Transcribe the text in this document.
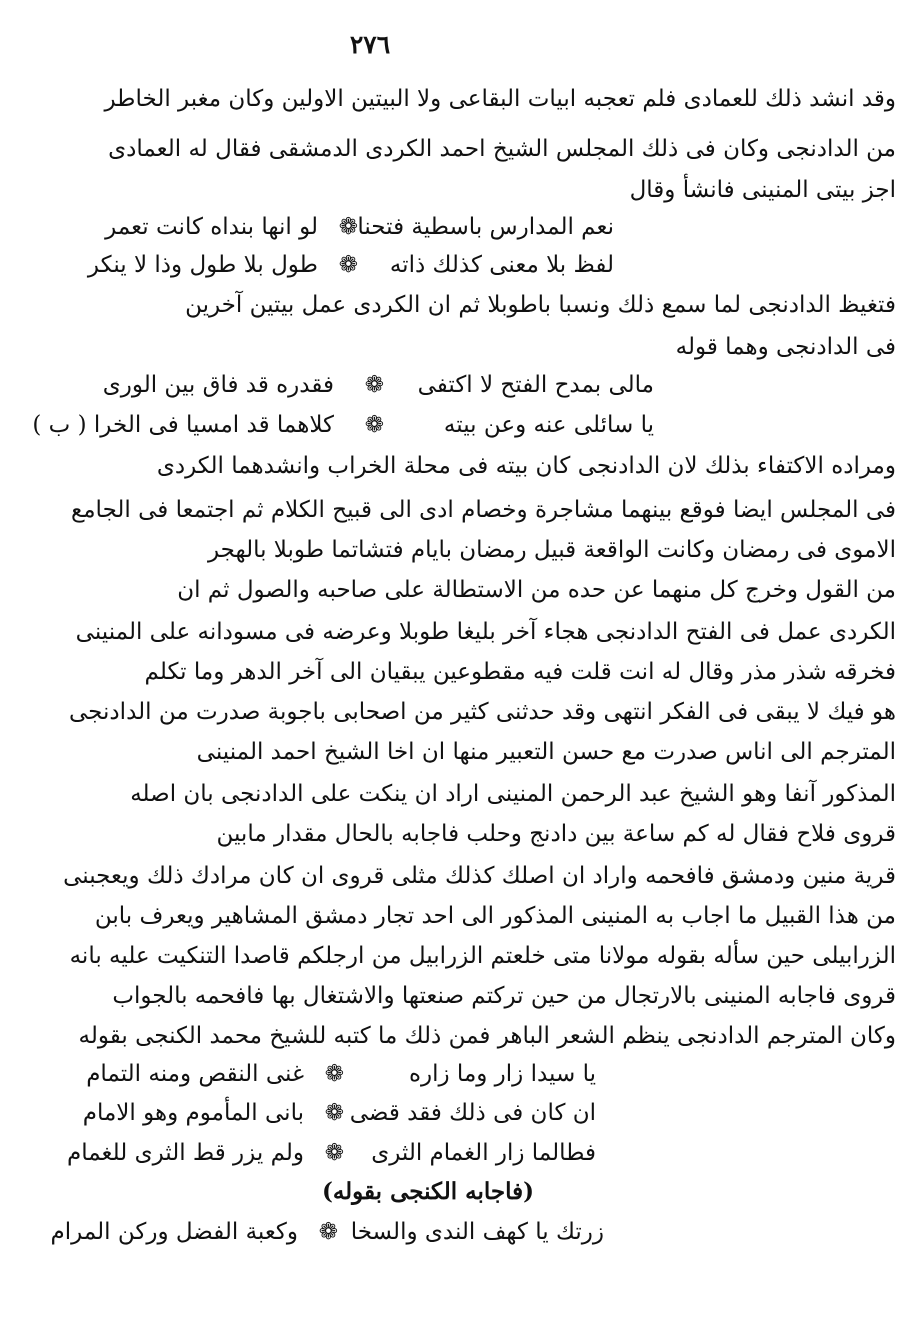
٢٧٦
وقد انشد ذلك للعمادى فلم تعجبه ابيات البقاعى ولا البيتين الاولين وكان مغبر الخاطر
من الدادنجى وكان فى ذلك المجلس الشيخ احمد الكردى الدمشقى فقال له العمادى
اجز بيتى المنينى فانشأ وقال
نعم المدارس باسطية فتحنا
❁
لو انها بنداه كانت تعمر
لفظ بلا معنى كذلك ذاته
❁
طول بلا طول وذا لا ينكر
فتغيظ الدادنجى لما سمع ذلك ونسبا باطوبلا ثم ان الكردى عمل بيتين آخرين
فى الدادنجى وهما قوله
مالى بمدح الفتح لا اكتفى
❁
فقدره قد فاق بين الورى
يا سائلى عنه وعن بيته
❁
كلاهما قد امسيا فى الخرا ( ب )
ومراده الاكتفاء بذلك لان الدادنجى كان بيته فى محلة الخراب وانشدهما الكردى
فى المجلس ايضا فوقع بينهما مشاجرة وخصام ادى الى قبيح الكلام ثم اجتمعا فى الجامع
الاموى فى رمضان وكانت الواقعة قبيل رمضان بايام فتشاتما طوبلا بالهجر
من القول وخرج كل منهما عن حده من الاستطالة على صاحبه والصول ثم ان
الكردى عمل فى الفتح الدادنجى هجاء آخر بليغا طوبلا وعرضه فى مسودانه على المنينى
فخرقه شذر مذر وقال له انت قلت فيه مقطوعين يبقيان الى آخر الدهر وما تكلم
هو فيك لا يبقى فى الفكر انتهى وقد حدثنى كثير من اصحابى باجوبة صدرت من الدادنجى
المترجم الى اناس صدرت مع حسن التعبير منها ان اخا الشيخ احمد المنينى
المذكور آنفا وهو الشيخ عبد الرحمن المنينى اراد ان ينكت على الدادنجى بان اصله
قروى فلاح فقال له كم ساعة بين دادنج وحلب فاجابه بالحال مقدار مابين
قرية منين ودمشق فافحمه واراد ان اصلك كذلك مثلى قروى ان كان مرادك ذلك ويعجبنى
من هذا القبيل ما اجاب به المنينى المذكور الى احد تجار دمشق المشاهير ويعرف بابن
الزرابيلى حين سأله بقوله مولانا متى خلعتم الزرابيل من ارجلكم قاصدا التنكيت عليه بانه
قروى فاجابه المنينى بالارتجال من حين تركتم صنعتها والاشتغال بها فافحمه بالجواب
وكان المترجم الدادنجى ينظم الشعر الباهر فمن ذلك ما كتبه للشيخ محمد الكنجى بقوله
يا سيدا زار وما زاره
❁
غنى النقص ومنه التمام
ان كان فى ذلك فقد قضى
❁
بانى المأموم وهو الامام
فطالما زار الغمام الثرى
❁
ولم يزر قط الثرى للغمام
(فاجابه الكنجى بقوله)
زرتك يا كهف الندى والسخا
❁
وكعبة الفضل وركن المرام
